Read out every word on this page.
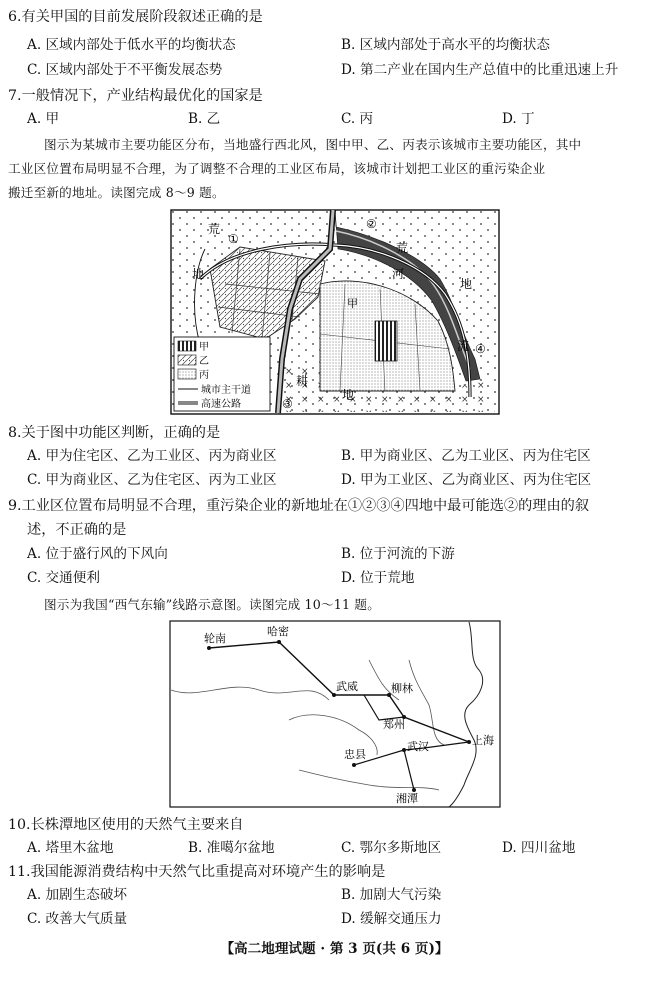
6.有关甲国的目前发展阶段叙述正确的是
A. 区域内部处于低水平的均衡状态	B. 区域内部处于高水平的均衡状态
C. 区域内部处于不平衡发展态势	D. 第二产业在国内生产总值中的比重迅速上升
7.一般情况下，产业结构最优化的国家是
A. 甲	B. 乙	C. 丙	D. 丁
图示为某城市主要功能区分布，当地盛行西北风，图中甲、乙、丙表示该城市主要功能区，其中
工业区位置布局明显不合理，为了调整不合理的工业区布局，该城市计划把工业区的重污染企业
搬迁至新的地址。读图完成 8～9 题。
荒
①
②
荒
地	河
地
甲
流 ④
耕
地
③
甲
乙
丙
城市主干道
高速公路
8.关于图中功能区判断，正确的是
A. 甲为住宅区、乙为工业区、丙为商业区	B. 甲为商业区、乙为工业区、丙为住宅区
C. 甲为商业区、乙为住宅区、丙为工业区	D. 甲为工业区、乙为商业区、丙为住宅区
9.工业区位置布局明显不合理，重污染企业的新地址在①②③④四地中最可能选②的理由的叙
述，不正确的是
A. 位于盛行风的下风向	B. 位于河流的下游
C. 交通便利	D. 位于荒地
图示为我国“西气东输”线路示意图。读图完成 10～11 题。
轮南
哈密
武威	柳林
郑州
上海
忠县
武汉
湘潭
10.长株潭地区使用的天然气主要来自
A. 塔里木盆地	B. 准噶尔盆地	C. 鄂尔多斯地区	D. 四川盆地
11.我国能源消费结构中天然气比重提高对环境产生的影响是
A. 加剧生态破坏	B. 加剧大气污染
C. 改善大气质量	D. 缓解交通压力
【高二地理试题 · 第 3 页(共 6 页)】
